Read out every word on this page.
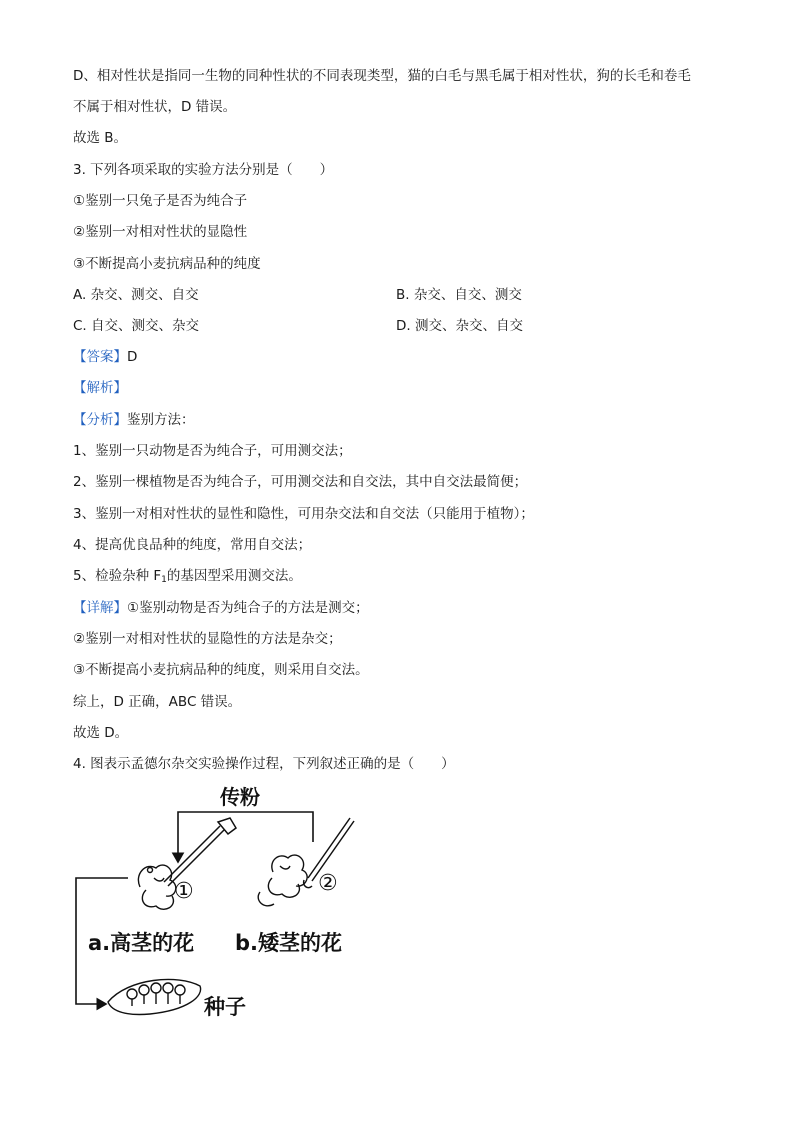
D、相对性状是指同一生物的同种性状的不同表现类型，猫的白毛与黑毛属于相对性状，狗的长毛和卷毛
不属于相对性状，D 错误。
故选 B。
3. 下列各项采取的实验方法分别是（　　）
①鉴别一只兔子是否为纯合子
②鉴别一对相对性状的显隐性
③不断提高小麦抗病品种的纯度
A. 杂交、测交、自交	B. 杂交、自交、测交
C. 自交、测交、杂交	D. 测交、杂交、自交
【答案】D
【解析】
【分析】鉴别方法：
1、鉴别一只动物是否为纯合子，可用测交法；
2、鉴别一棵植物是否为纯合子，可用测交法和自交法，其中自交法最简便；
3、鉴别一对相对性状的显性和隐性，可用杂交法和自交法（只能用于植物）；
4、提高优良品种的纯度，常用自交法；
5、检验杂种 $F_1$的基因型采用测交法。
【详解】①鉴别动物是否为纯合子的方法是测交；
②鉴别一对相对性状的显隐性的方法是杂交；
③不断提高小麦抗病品种的纯度，则采用自交法。
综上，D 正确，ABC 错误。
故选 D。
4. 图表示孟德尔杂交实验操作过程，下列叙述正确的是（　　）
传粉
①	②
a.高茎的花 b.矮茎的花
种子
